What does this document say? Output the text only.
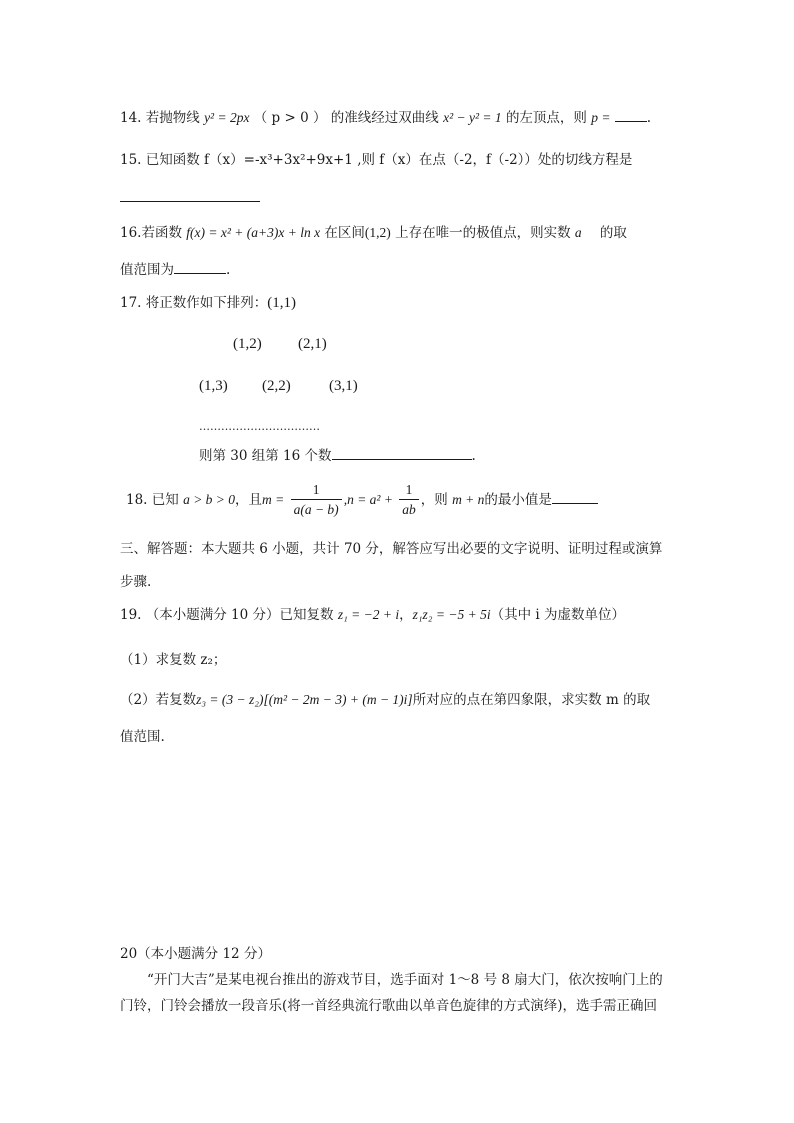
14. 若抛物线 y² = 2px （ p > 0 ） 的准线经过双曲线 x² − y² = 1 的左顶点，则 p =	.
15. 已知函数 f（x）=-x³+3x²+9x+1 ,则 f（x）在点（-2，f（-2））处的切线方程是
16.若函数 f(x) = x² + (a+3)x + ln x 在区间(1,2) 上存在唯一的极值点，则实数 a 的取
值范围为	.
17. 将正数作如下排列：(1,1)
(1,2) (2,1)
(1,3) (2,2)	(3,1)
……………………………
则第 30 组第 16 个数	.
18. 已知 a > b > 0，且$m = \frac{1}{a(a - b)} ,n = a^2 + \frac{1}{ab}$ ，则 m + n的最小值是
三、解答题：本大题共 6 小题，共计 70 分，解答应写出必要的文字说明、证明过程或演算
步骤.
19. （本小题满分 10 分）已知复数 z₁ = −2 + i，z₁z₂ = −5 + 5i（其中 i 为虚数单位）
（1）求复数 z₂；
（2）若复数z₃ = (3 − z₂)[(m² − 2m − 3) + (m − 1)i]所对应的点在第四象限，求实数 m 的取
值范围.
20（本小题满分 12 分）
“开门大吉”是某电视台推出的游戏节目，选手面对 1～8 号 8 扇大门，依次按响门上的
门铃，门铃会播放一段音乐(将一首经典流行歌曲以单音色旋律的方式演绎)，选手需正确回
